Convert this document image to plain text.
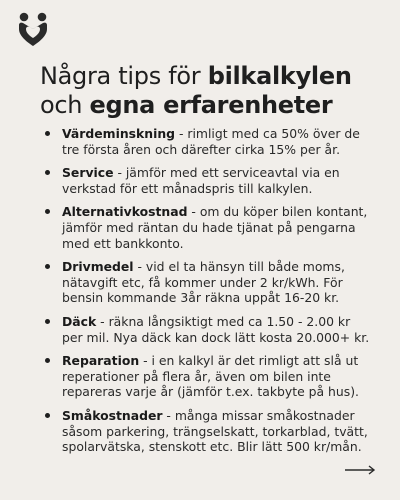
Några tips för bilkalkylen
och egna erfarenheter
Värdeminskning - rimligt med ca 50% över de tre första åren och därefter cirka 15% per år.
Service - jämför med ett serviceavtal via en verkstad för ett månadspris till kalkylen.
Alternativkostnad - om du köper bilen kontant, jämför med räntan du hade tjänat på pengarna med ett bankkonto.
Drivmedel - vid el ta hänsyn till både moms, nätavgift etc, få kommer under 2 kr/kWh. För bensin kommande 3år räkna uppåt 16-20 kr.
Däck - räkna långsiktigt med ca 1.50 - 2.00 kr per mil. Nya däck kan dock lätt kosta 20.000+ kr.
Reparation - i en kalkyl är det rimligt att slå ut reperationer på flera år, även om bilen inte repareras varje år (jämför t.ex. takbyte på hus).
Småkostnader - många missar småkostnader såsom parkering, trängselskatt, torkarblad, tvätt, spolarvätska, stenskott etc. Blir lätt 500 kr/mån.
